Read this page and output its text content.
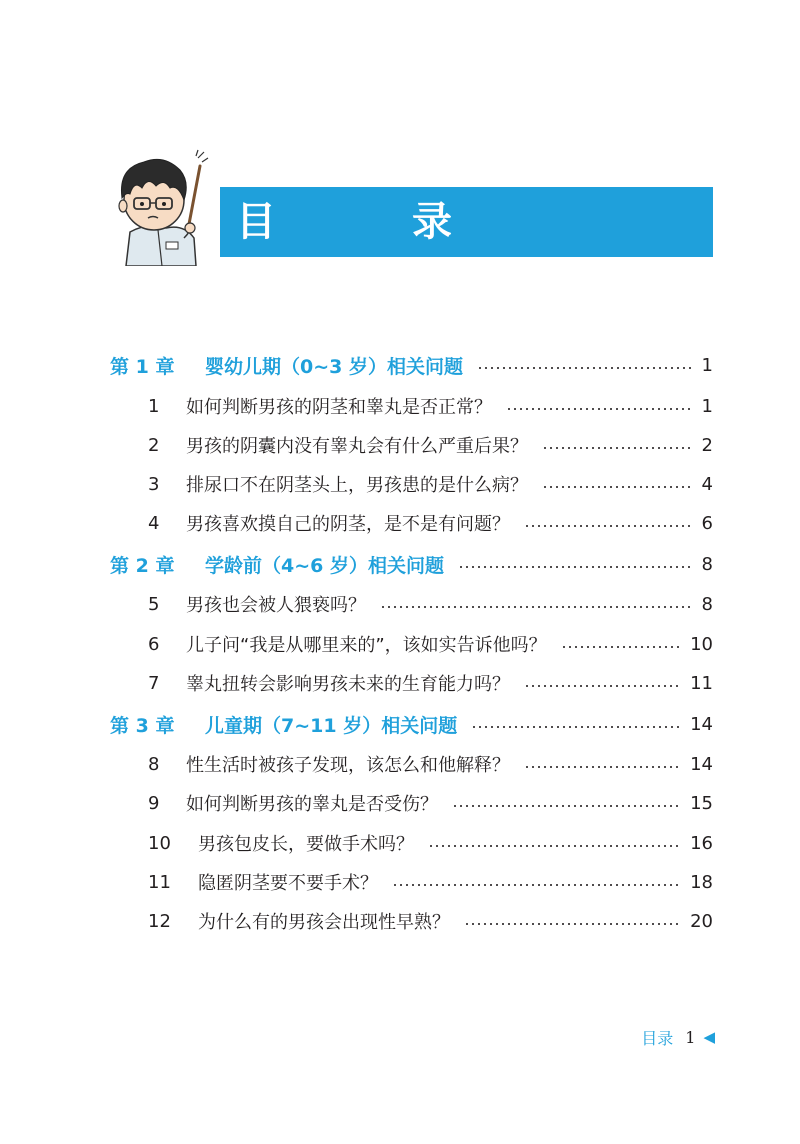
目　录
第 1 章	婴幼儿期（0~3 岁）相关问题	1
1	如何判断男孩的阴茎和睾丸是否正常？	1
2	男孩的阴囊内没有睾丸会有什么严重后果？	2
3	排尿口不在阴茎头上，男孩患的是什么病？	4
4	男孩喜欢摸自己的阴茎，是不是有问题？	6
第 2 章	学龄前（4~6 岁）相关问题	8
5	男孩也会被人猥亵吗？	8
6	儿子问“我是从哪里来的”，该如实告诉他吗？	10
7	睾丸扭转会影响男孩未来的生育能力吗？	11
第 3 章	儿童期（7~11 岁）相关问题	14
8	性生活时被孩子发现，该怎么和他解释？	14
9	如何判断男孩的睾丸是否受伤？	15
10	男孩包皮长，要做手术吗？	16
11	隐匿阴茎要不要手术？	18
12	为什么有的男孩会出现性早熟？	20
目录 1 ◀
